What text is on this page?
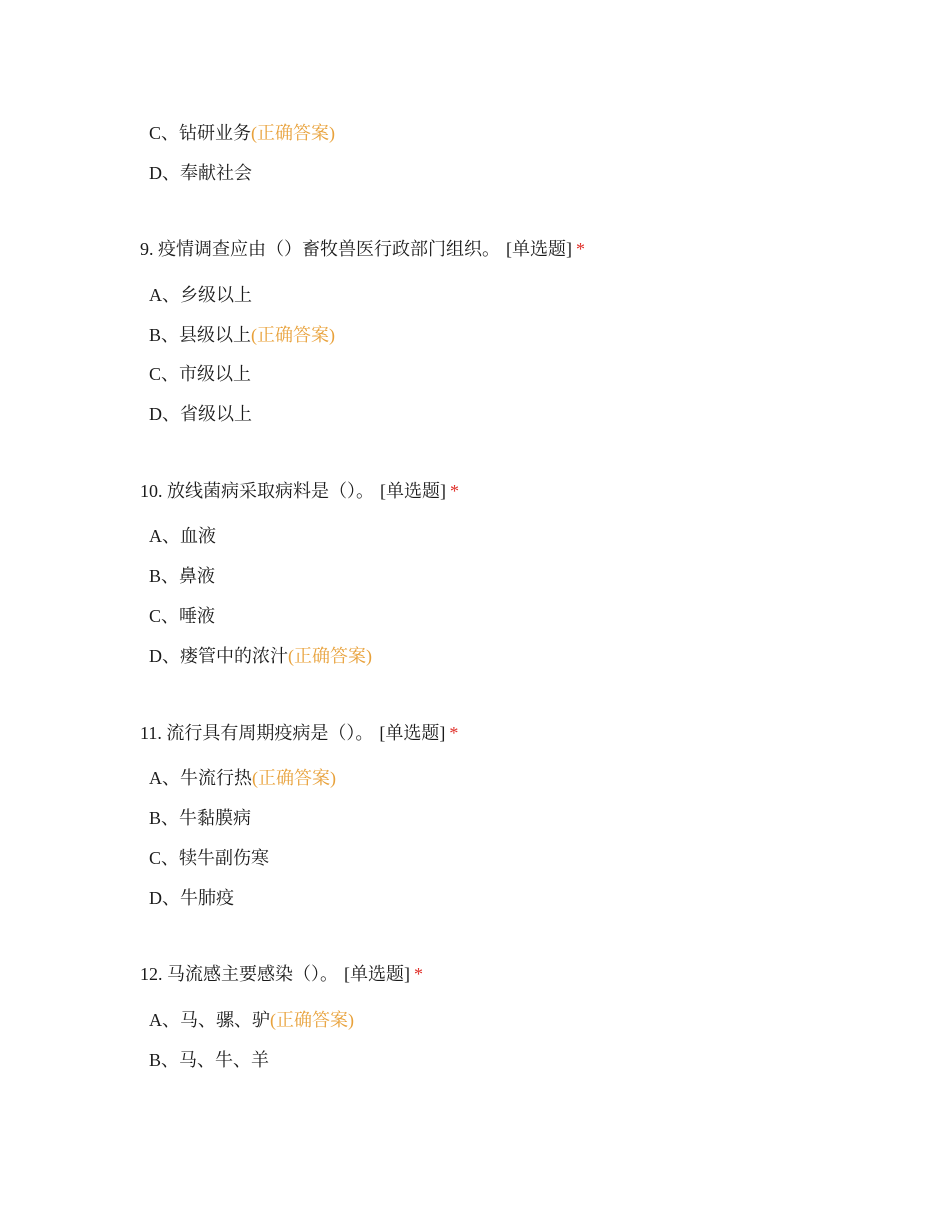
C、钻研业务(正确答案)
D、奉献社会
9. 疫情调查应由（）畜牧兽医行政部门组织。 [单选题] *
A、乡级以上
B、县级以上(正确答案)
C、市级以上
D、省级以上
10. 放线菌病采取病料是（）。 [单选题] *
A、血液
B、鼻液
C、唾液
D、瘘管中的浓汁(正确答案)
11. 流行具有周期疫病是（）。 [单选题] *
A、牛流行热(正确答案)
B、牛黏膜病
C、犊牛副伤寒
D、牛肺疫
12. 马流感主要感染（）。 [单选题] *
A、马、骡、驴(正确答案)
B、马、牛、羊
